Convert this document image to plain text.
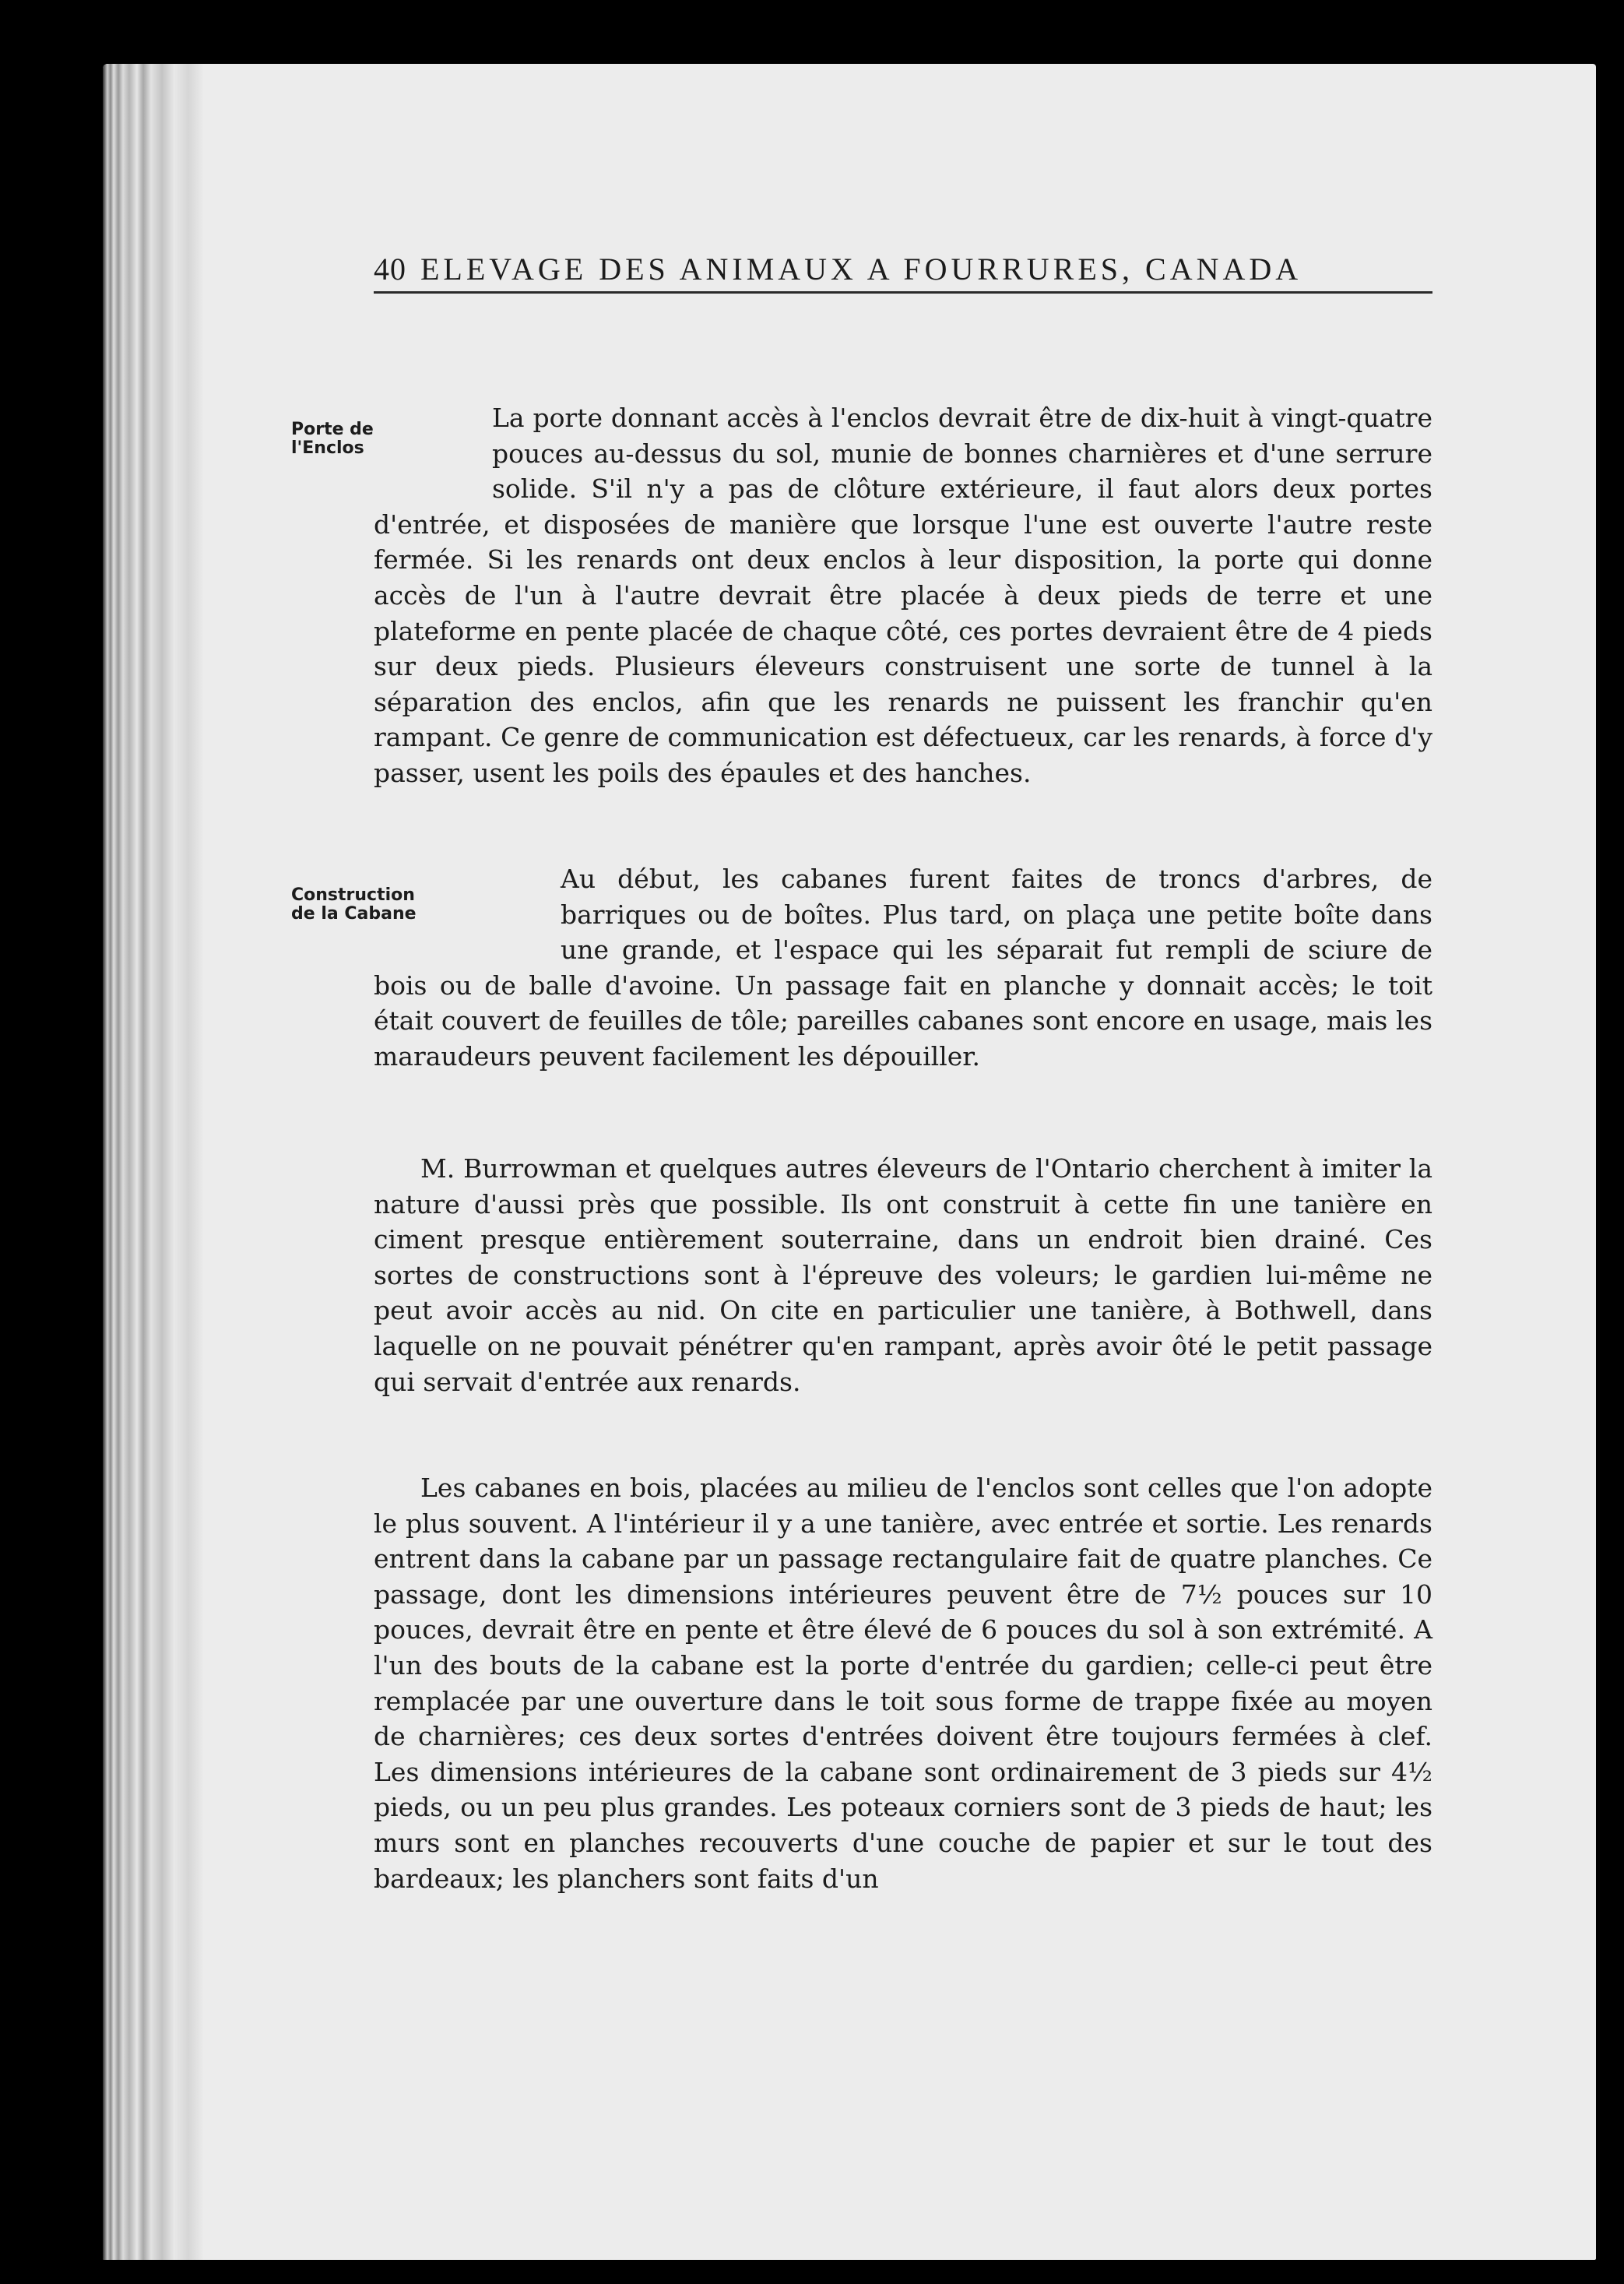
40 ELEVAGE DES ANIMAUX A FOURRURES, CANADA
Porte de
l'Enclos

La porte donnant accès à l'enclos devrait être de dix-huit à vingt-quatre pouces au-dessus du sol, munie de bonnes charnières et d'une serrure solide. S'il n'y a pas de clôture extérieure, il faut alors deux portes d'entrée, et disposées de manière que lorsque l'une est ouverte l'autre reste fermée. Si les renards ont deux enclos à leur disposition, la porte qui donne accès de l'un à l'autre devrait être placée à deux pieds de terre et une plateforme en pente placée de chaque côté, ces portes devraient être de 4 pieds sur deux pieds. Plusieurs éleveurs construisent une sorte de tunnel à la séparation des enclos, afin que les renards ne puissent les franchir qu'en rampant. Ce genre de communication est défectueux, car les renards, à force d'y passer, usent les poils des épaules et des hanches.

Construction
de la Cabane

Au début, les cabanes furent faites de troncs d'arbres, de barriques ou de boîtes. Plus tard, on plaça une petite boîte dans une grande, et l'espace qui les séparait fut rempli de sciure de bois ou de balle d'avoine. Un passage fait en planche y donnait accès; le toit était couvert de feuilles de tôle; pareilles cabanes sont encore en usage, mais les maraudeurs peuvent facilement les dépouiller.

M. Burrowman et quelques autres éleveurs de l'Ontario cherchent à imiter la nature d'aussi près que possible. Ils ont construit à cette fin une tanière en ciment presque entièrement souterraine, dans un endroit bien drainé. Ces sortes de constructions sont à l'épreuve des voleurs; le gardien lui-même ne peut avoir accès au nid. On cite en particulier une tanière, à Bothwell, dans laquelle on ne pouvait pénétrer qu'en rampant, après avoir ôté le petit passage qui servait d'entrée aux renards.

Les cabanes en bois, placées au milieu de l'enclos sont celles que l'on adopte le plus souvent. A l'intérieur il y a une tanière, avec entrée et sortie. Les renards entrent dans la cabane par un passage rectangulaire fait de quatre planches. Ce passage, dont les dimensions intérieures peuvent être de 7½ pouces sur 10 pouces, devrait être en pente et être élevé de 6 pouces du sol à son extrémité. A l'un des bouts de la cabane est la porte d'entrée du gardien; celle-ci peut être remplacée par une ouverture dans le toit sous forme de trappe fixée au moyen de charnières; ces deux sortes d'entrées doivent être toujours fermées à clef. Les dimensions intérieures de la cabane sont ordinairement de 3 pieds sur 4½ pieds, ou un peu plus grandes. Les poteaux corniers sont de 3 pieds de haut; les murs sont en planches recouverts d'une couche de papier et sur le tout des bardeaux; les planchers sont faits d'un
